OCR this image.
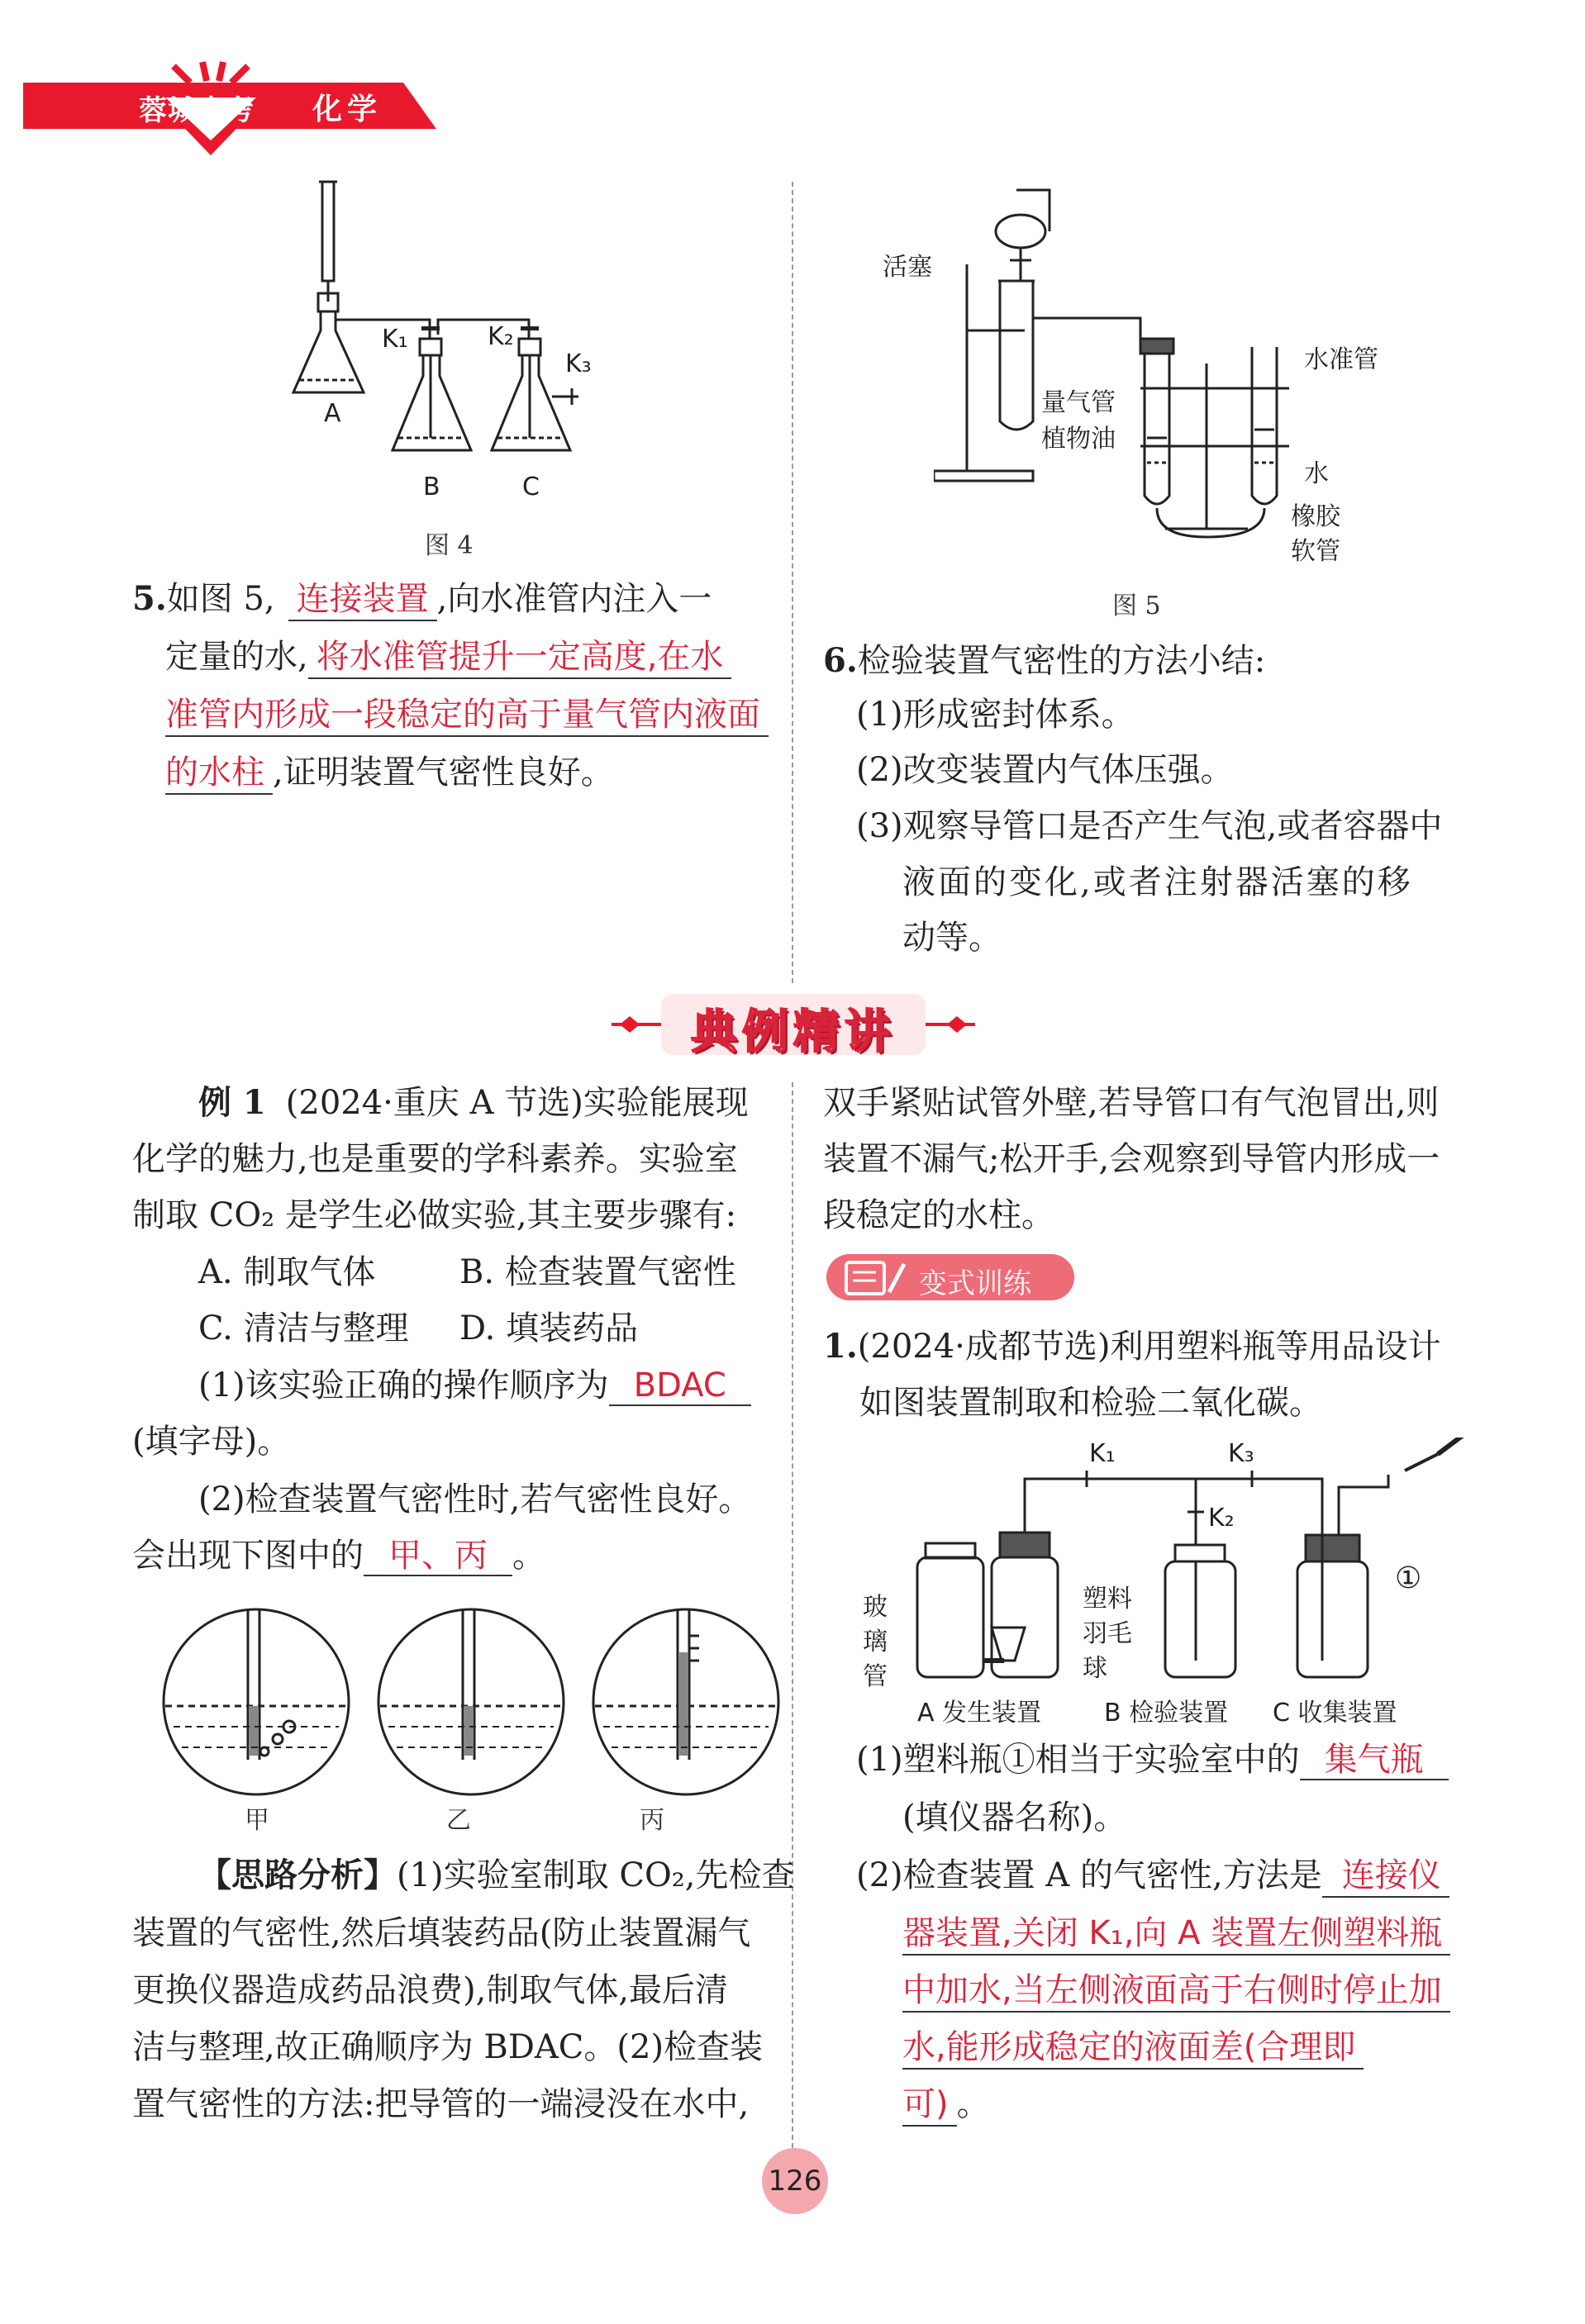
蓉城中考 化学
A
B	C
K₁	K₂
K₃
图 4
活塞
水准管
量气管
植物油
水
橡胶
软管
图 5
5.如图 5, 连接装置 ,向水准管内注入一
定量的水, 将水准管提升一定高度,在水
准管内形成一段稳定的高于量气管内液面
的水柱 ,证明装置气密性良好。
6.检验装置气密性的方法小结:
(1)形成密封体系。
(2)改变装置内气体压强。
(3)观察导管口是否产生气泡,或者容器中
液面的变化,或者注射器活塞的移
动等。
典例精讲
例 1 (2024·重庆 A 节选)实验能展现
化学的魅力,也是重要的学科素养。实验室
制取 CO₂ 是学生必做实验,其主要步骤有:
A. 制取气体	B. 检查装置气密性
C. 清洁与整理 D. 填装药品
(1)该实验正确的操作顺序为 BDAC
(填字母)。
(2)检查装置气密性时,若气密性良好。
会出现下图中的 甲、丙 。
甲	乙	丙
【思路分析】(1)实验室制取 CO₂,先检查
装置的气密性,然后填装药品(防止装置漏气
更换仪器造成药品浪费),制取气体,最后清
洁与整理,故正确顺序为 BDAC。(2)检查装
置气密性的方法:把导管的一端浸没在水中,
双手紧贴试管外壁,若导管口有气泡冒出,则
装置不漏气;松开手,会观察到导管内形成一
段稳定的水柱。
变式训练
1.(2024·成都节选)利用塑料瓶等用品设计
如图装置制取和检验二氧化碳。
K₁	K₃
K₂
①
玻
璃
管
塑料
羽毛
球
A 发生装置	B 检验装置 C 收集装置
(1)塑料瓶①相当于实验室中的 集气瓶
(填仪器名称)。
(2)检查装置 A 的气密性,方法是 连接仪
器装置,关闭 K₁,向 A 装置左侧塑料瓶
中加水,当左侧液面高于右侧时停止加
水,能形成稳定的液面差(合理即
可) 。
126
